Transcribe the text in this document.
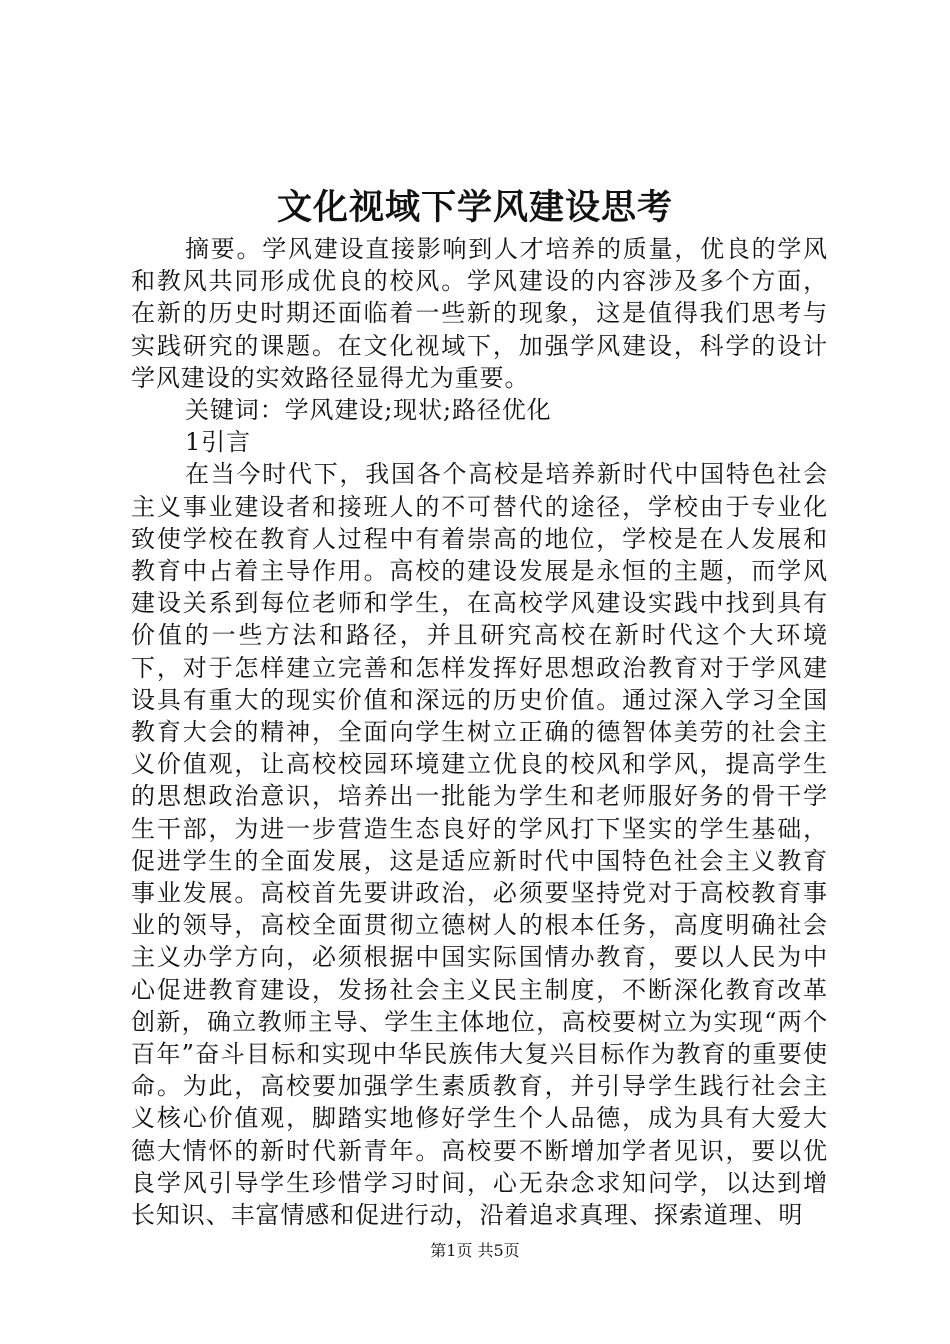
文化视域下学风建设思考

摘要。学风建设直接影响到人才培养的质量，优良的学风和教风共同形成优良的校风。学风建设的内容涉及多个方面，在新的历史时期还面临着一些新的现象，这是值得我们思考与实践研究的课题。在文化视域下，加强学风建设，科学的设计学风建设的实效路径显得尤为重要。

关键词：学风建设;现状;路径优化

1引言

在当今时代下，我国各个高校是培养新时代中国特色社会主义事业建设者和接班人的不可替代的途径，学校由于专业化致使学校在教育人过程中有着崇高的地位，学校是在人发展和教育中占着主导作用。高校的建设发展是永恒的主题，而学风建设关系到每位老师和学生，在高校学风建设实践中找到具有价值的一些方法和路径，并且研究高校在新时代这个大环境下，对于怎样建立完善和怎样发挥好思想政治教育对于学风建设具有重大的现实价值和深远的历史价值。通过深入学习全国教育大会的精神，全面向学生树立正确的德智体美劳的社会主义价值观，让高校校园环境建立优良的校风和学风，提高学生的思想政治意识，培养出一批能为学生和老师服好务的骨干学生干部，为进一步营造生态良好的学风打下坚实的学生基础，促进学生的全面发展，这是适应新时代中国特色社会主义教育事业发展。高校首先要讲政治，必须要坚持党对于高校教育事业的领导，高校全面贯彻立德树人的根本任务，高度明确社会主义办学方向，必须根据中国实际国情办教育，要以人民为中心促进教育建设，发扬社会主义民主制度，不断深化教育改革创新，确立教师主导、学生主体地位，高校要树立为实现“两个百年”奋斗目标和实现中华民族伟大复兴目标作为教育的重要使命。为此，高校要加强学生素质教育，并引导学生践行社会主义核心价值观，脚踏实地修好学生个人品德，成为具有大爱大德大情怀的新时代新青年。高校要不断增加学者见识，要以优良学风引导学生珍惜学习时间，心无杂念求知问学，以达到增长知识、丰富情感和促进行动，沿着追求真理、探索道理、明

第1页 共5页
